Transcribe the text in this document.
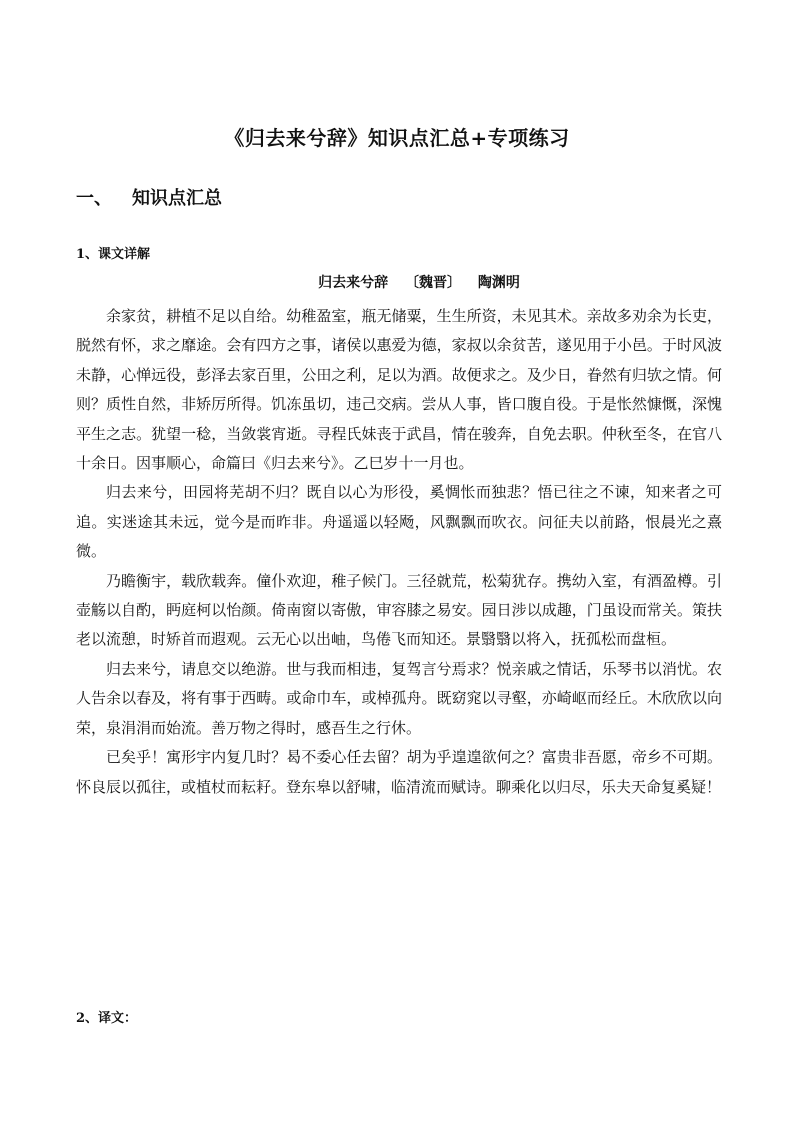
《归去来兮辞》知识点汇总+专项练习
一、 知识点汇总
1、课文详解
归去来兮辞 〔魏晋〕 陶渊明

余家贫，耕植不足以自给。幼稚盈室，瓶无储粟，生生所资，未见其术。亲故多劝余为长吏，脱然有怀，求之靡途。会有四方之事，诸侯以惠爱为德，家叔以余贫苦，遂见用于小邑。于时风波未静，心惮远役，彭泽去家百里，公田之利，足以为酒。故便求之。及少日，眷然有归欤之情。何则？质性自然，非矫厉所得。饥冻虽切，违己交病。尝从人事，皆口腹自役。于是怅然慷慨，深愧平生之志。犹望一稔，当敛裳宵逝。寻程氏妹丧于武昌，情在骏奔，自免去职。仲秋至冬，在官八十余日。因事顺心，命篇曰《归去来兮》。乙巳岁十一月也。

归去来兮，田园将芜胡不归？既自以心为形役，奚惆怅而独悲？悟已往之不谏，知来者之可追。实迷途其未远，觉今是而昨非。舟遥遥以轻飏，风飘飘而吹衣。问征夫以前路，恨晨光之熹微。

乃瞻衡宇，载欣载奔。僮仆欢迎，稚子候门。三径就荒，松菊犹存。携幼入室，有酒盈樽。引壶觞以自酌，眄庭柯以怡颜。倚南窗以寄傲，审容膝之易安。园日涉以成趣，门虽设而常关。策扶老以流憩，时矫首而遐观。云无心以出岫，鸟倦飞而知还。景翳翳以将入，抚孤松而盘桓。

归去来兮，请息交以绝游。世与我而相违，复驾言兮焉求？悦亲戚之情话，乐琴书以消忧。农人告余以春及，将有事于西畴。或命巾车，或棹孤舟。既窈窕以寻壑，亦崎岖而经丘。木欣欣以向荣，泉涓涓而始流。善万物之得时，感吾生之行休。

已矣乎！寓形宇内复几时？曷不委心任去留？胡为乎遑遑欲何之？富贵非吾愿，帝乡不可期。怀良辰以孤往，或植杖而耘耔。登东皋以舒啸，临清流而赋诗。聊乘化以归尽，乐夫天命复奚疑！

2、译文：
